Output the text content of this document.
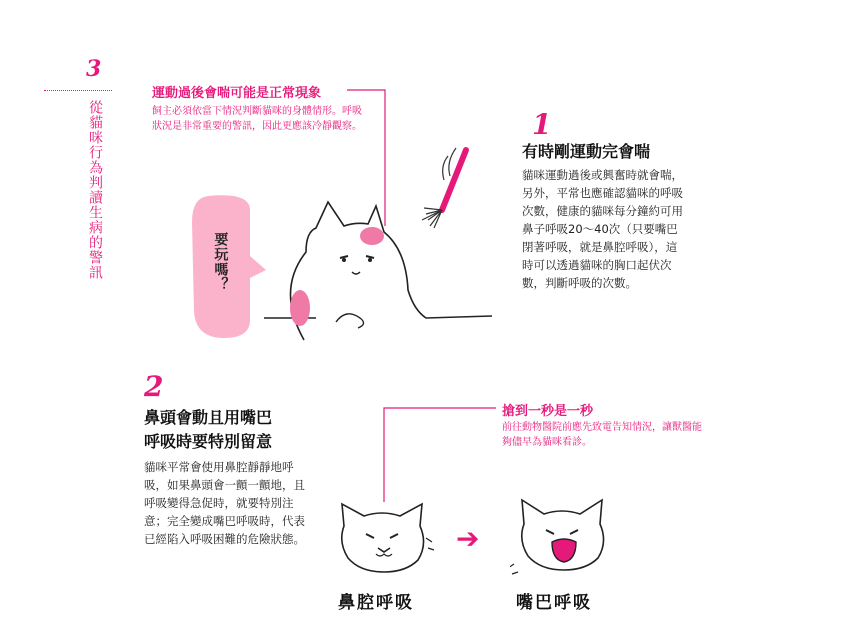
3
從貓咪行為判讀生病的警訊
運動過後會喘可能是正常現象
飼主必須依當下情況判斷貓咪的身體情形。呼吸狀況是非常重要的警訊，因此更應該冷靜觀察。
要玩嗎？
1
有時剛運動完會喘
貓咪運動過後或興奮時就會喘，另外，平常也應確認貓咪的呼吸次數，健康的貓咪每分鐘約可用鼻子呼吸20～40次（只要嘴巴閉著呼吸，就是鼻腔呼吸），這時可以透過貓咪的胸口起伏次數，判斷呼吸的次數。
2
鼻頭會動且用嘴巴
呼吸時要特別留意
貓咪平常會使用鼻腔靜靜地呼吸，如果鼻頭會一顫一顫地，且呼吸變得急促時，就要特別注意；完全變成嘴巴呼吸時，代表已經陷入呼吸困難的危險狀態。
搶到一秒是一秒
前往動物醫院前應先致電告知情況，讓獸醫能夠儘早為貓咪看診。
➔
鼻腔呼吸	嘴巴呼吸
